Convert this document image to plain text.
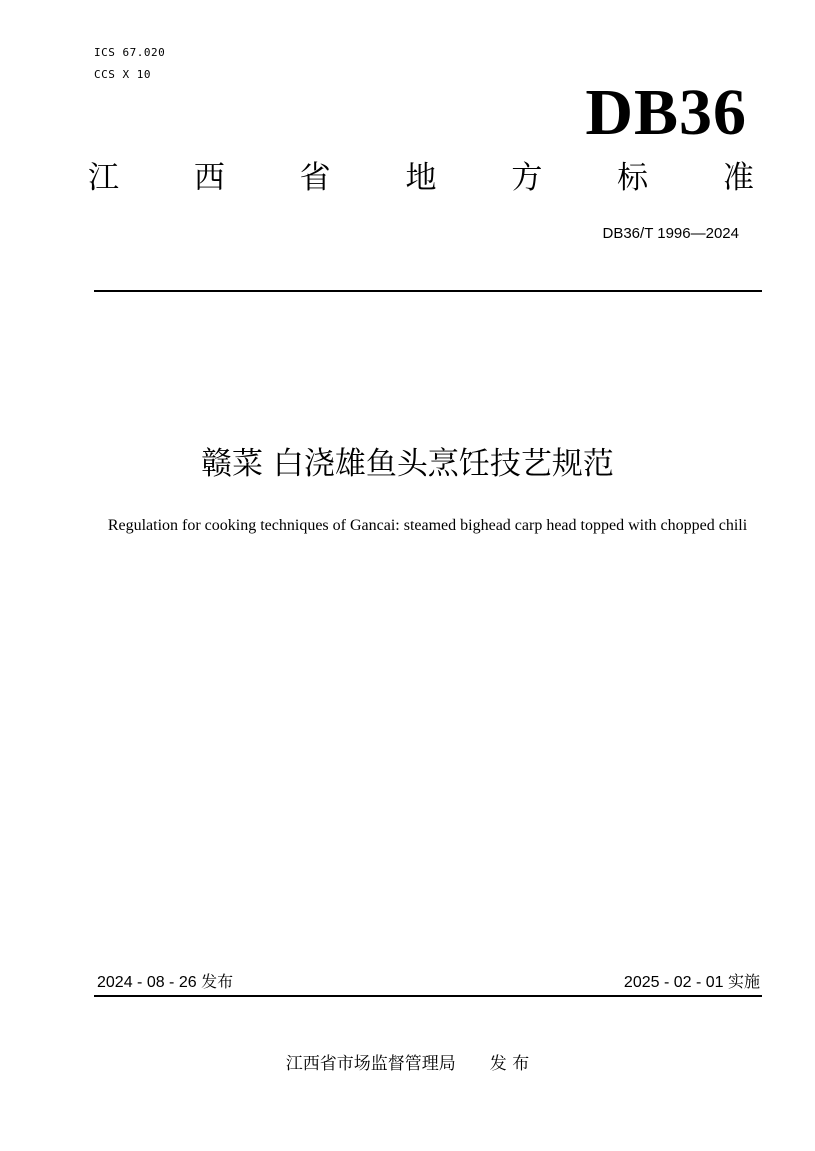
ICS 67.020
CCS X 10
DB36
江 西 省 地 方 标 准
DB36/T 1996—2024
赣菜 白浇雄鱼头烹饪技艺规范
Regulation for cooking techniques of Gancai: steamed bighead carp head topped with chopped chili
2024 - 08 - 26 发布	2025 - 02 - 01 实施
江西省市场监督管理局 发 布
